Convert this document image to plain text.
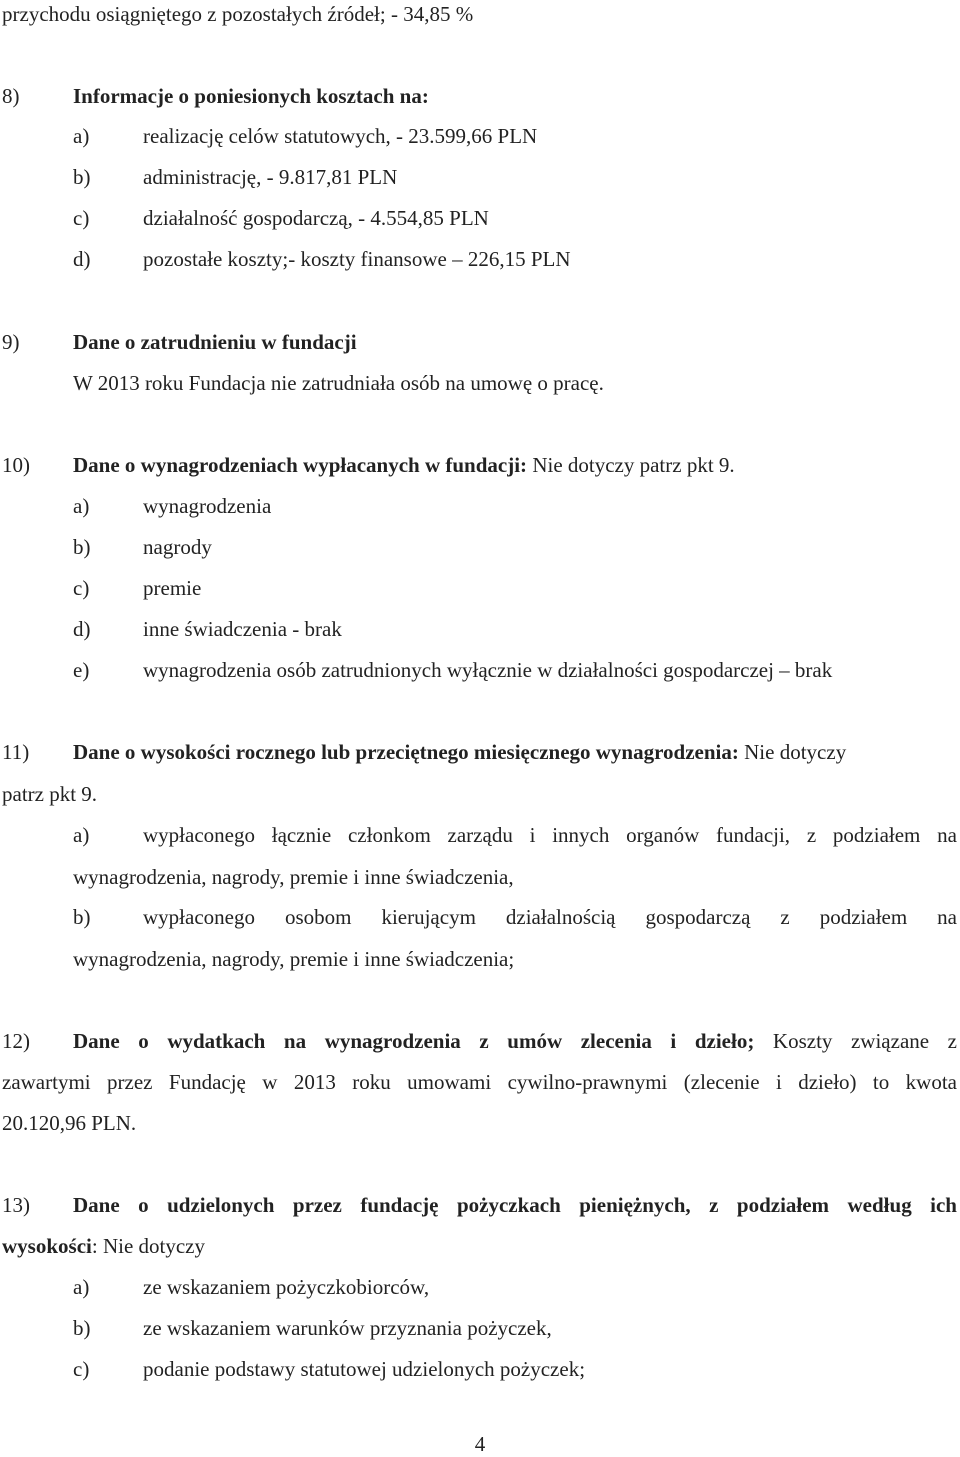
przychodu osiągniętego z pozostałych źródeł; - 34,85 %
8)	Informacje o poniesionych kosztach na:
a)	realizację celów statutowych, - 23.599,66 PLN
b)	administrację, - 9.817,81 PLN
c)	działalność gospodarczą, - 4.554,85 PLN
d)	pozostałe koszty;- koszty finansowe – 226,15 PLN
9)	Dane o zatrudnieniu w fundacji
W 2013 roku Fundacja nie zatrudniała osób na umowę o pracę.
10) Dane o wynagrodzeniach wypłacanych w fundacji: Nie dotyczy patrz pkt 9.
a)	wynagrodzenia
b)	nagrody
c)	premie
d)	inne świadczenia - brak
e)	wynagrodzenia osób zatrudnionych wyłącznie w działalności gospodarczej – brak
11) Dane o wysokości rocznego lub przeciętnego miesięcznego wynagrodzenia: Nie dotyczy
patrz pkt 9.
a)	wypłaconego łącznie członkom zarządu i innych organów fundacji, z podziałem na
wynagrodzenia, nagrody, premie i inne świadczenia,
b)	wypłaconego osobom kierującym działalnością gospodarczą z podziałem na
wynagrodzenia, nagrody, premie i inne świadczenia;
12) Dane o wydatkach na wynagrodzenia z umów zlecenia i dzieło; Koszty związane z
zawartymi przez Fundację w 2013 roku umowami cywilno-prawnymi (zlecenie i dzieło) to kwota
20.120,96 PLN.
13) Dane o udzielonych przez fundację pożyczkach pieniężnych, z podziałem według ich
wysokości: Nie dotyczy
a)	ze wskazaniem pożyczkobiorców,
b)	ze wskazaniem warunków przyznania pożyczek,
c)	podanie podstawy statutowej udzielonych pożyczek;
4
